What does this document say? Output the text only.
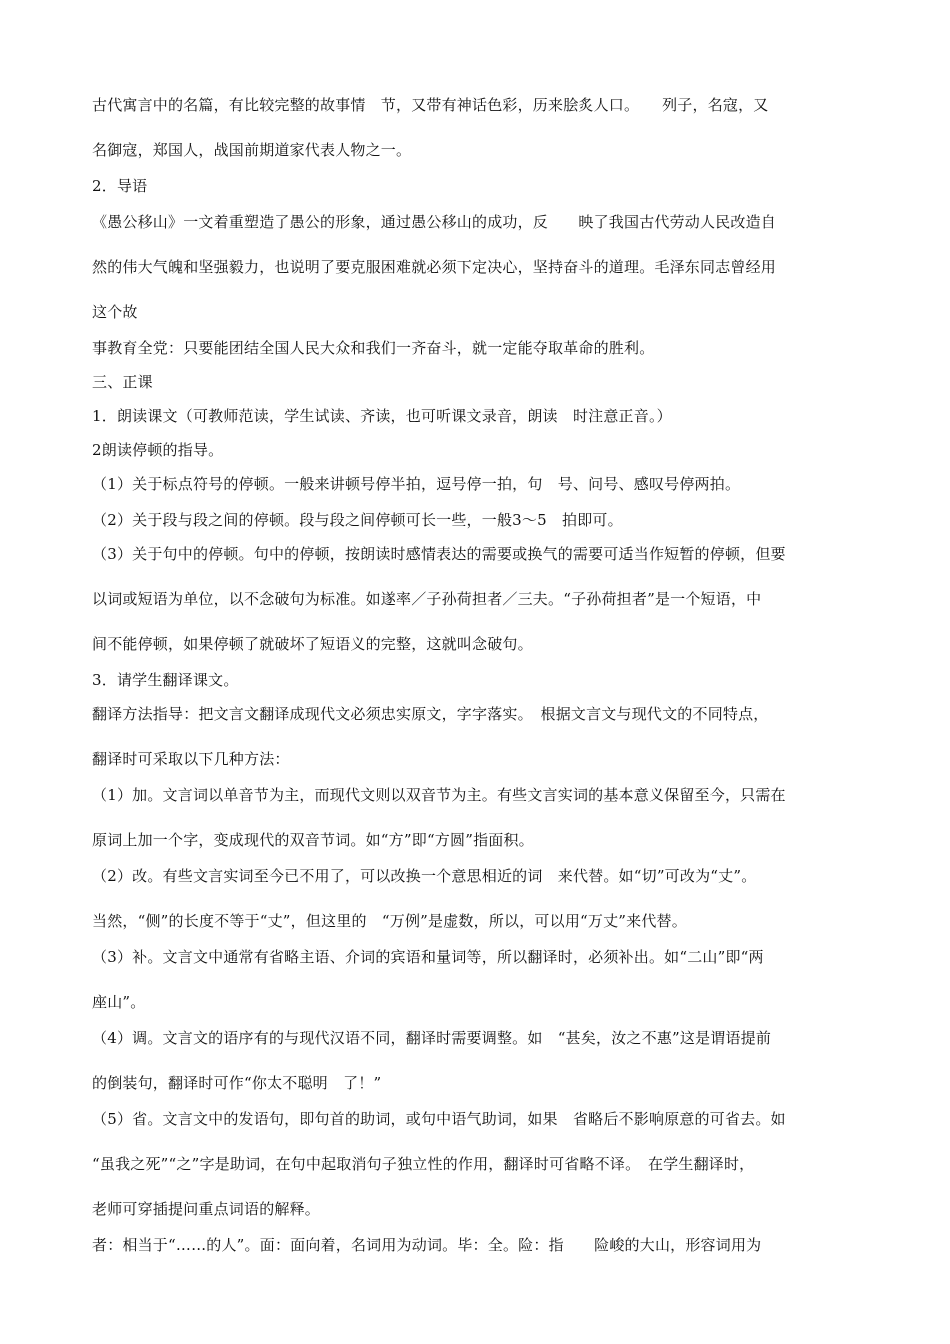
古代寓言中的名篇，有比较完整的故事情　节，又带有神话色彩，历来脍炙人口。　　列子，名寇，又

名御寇，郑国人，战国前期道家代表人物之一。

2．导语

《愚公移山》一文着重塑造了愚公的形象，通过愚公移山的成功，反　　映了我国古代劳动人民改造自

然的伟大气魄和坚强毅力，也说明了要克服困难就必须下定决心，坚持奋斗的道理。毛泽东同志曾经用

这个故

事教育全党：只要能团结全国人民大众和我们一齐奋斗，就一定能夺取革命的胜利。

三、正课

1．朗读课文（可教师范读，学生试读、齐读，也可听课文录音，朗读　时注意正音。）

2朗读停顿的指导。

（1）关于标点符号的停顿。一般来讲顿号停半拍，逗号停一拍，句　号、问号、感叹号停两拍。

（2）关于段与段之间的停顿。段与段之间停顿可长一些，一般3～5　拍即可。

（3）关于句中的停顿。句中的停顿，按朗读时感情表达的需要或换气的需要可适当作短暂的停顿，但要

以词或短语为单位，以不念破句为标准。如遂率／子孙荷担者／三夫。“子孙荷担者”是一个短语，中

间不能停顿，如果停顿了就破坏了短语义的完整，这就叫念破句。

3．请学生翻译课文。

翻译方法指导：把文言文翻译成现代文必须忠实原文，字字落实。　根据文言文与现代文的不同特点，

翻译时可采取以下几种方法：

（1）加。文言词以单音节为主，而现代文则以双音节为主。有些文言实词的基本意义保留至今，只需在

原词上加一个字，变成现代的双音节词。如“方”即“方圆”指面积。

（2）改。有些文言实词至今已不用了，可以改换一个意思相近的词　来代替。如“切”可改为“丈”。

当然，“侧”的长度不等于“丈”，但这里的　“万例”是虚数，所以，可以用“万丈”来代替。

（3）补。文言文中通常有省略主语、介词的宾语和量词等，所以翻译时，必须补出。如“二山”即“两

座山”。

（4）调。文言文的语序有的与现代汉语不同，翻译时需要调整。如　“甚矣，汝之不惠”这是谓语提前

的倒装句，翻译时可作“你太不聪明　了！”

（5）省。文言文中的发语句，即句首的助词，或句中语气助词，如果　省略后不影响原意的可省去。如

“虽我之死”“之”字是助词，在句中起取消句子独立性的作用，翻译时可省略不译。　在学生翻译时，

老师可穿插提问重点词语的解释。

者：相当于“……的人”。面：面向着，名词用为动词。毕：全。险：指　　险峻的大山，形容词用为
